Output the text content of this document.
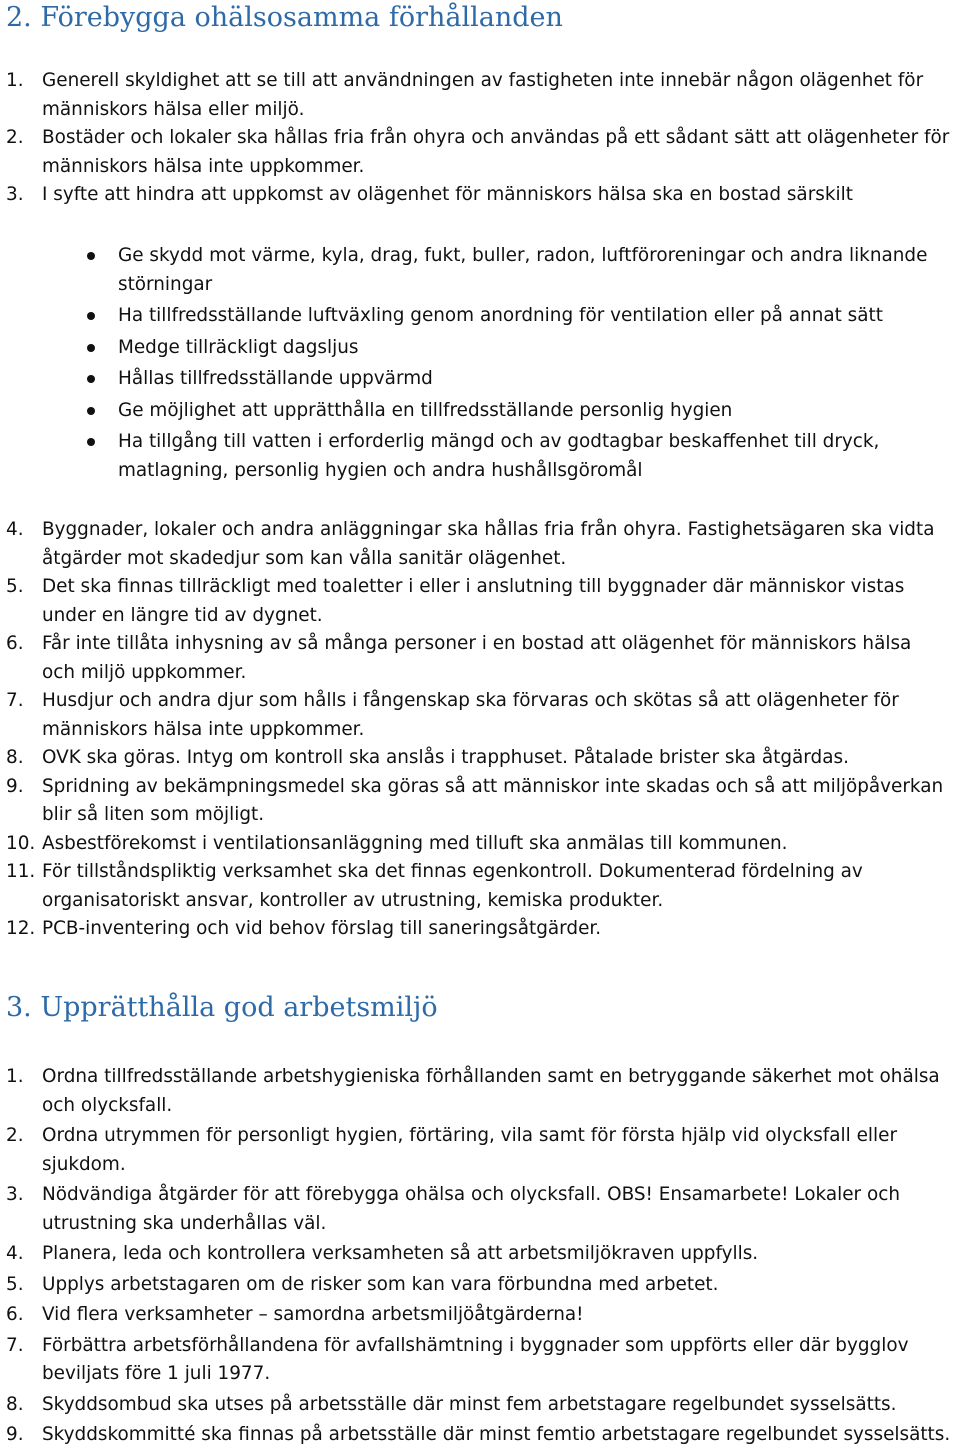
2. Förebygga ohälsosamma förhållanden
1.	Generell skyldighet att se till att användningen av fastigheten inte innebär någon olägenhet för
människors hälsa eller miljö.
2.	Bostäder och lokaler ska hållas fria från ohyra och användas på ett sådant sätt att olägenheter för
människors hälsa inte uppkommer.
3.	I syfte att hindra att uppkomst av olägenhet för människors hälsa ska en bostad särskilt
Ge skydd mot värme, kyla, drag, fukt, buller, radon, luftföroreningar och andra liknande
störningar
Ha tillfredsställande luftväxling genom anordning för ventilation eller på annat sätt
Medge tillräckligt dagsljus
Hållas tillfredsställande uppvärmd
Ge möjlighet att upprätthålla en tillfredsställande personlig hygien
Ha tillgång till vatten i erforderlig mängd och av godtagbar beskaffenhet till dryck,
matlagning, personlig hygien och andra hushållsgöromål
4.	Byggnader, lokaler och andra anläggningar ska hållas fria från ohyra. Fastighetsägaren ska vidta
åtgärder mot skadedjur som kan vålla sanitär olägenhet.
5.	Det ska finnas tillräckligt med toaletter i eller i anslutning till byggnader där människor vistas
under en längre tid av dygnet.
6.	Får inte tillåta inhysning av så många personer i en bostad att olägenhet för människors hälsa
och miljö uppkommer.
7.	Husdjur och andra djur som hålls i fångenskap ska förvaras och skötas så att olägenheter för
människors hälsa inte uppkommer.
8.	OVK ska göras. Intyg om kontroll ska anslås i trapphuset. Påtalade brister ska åtgärdas.
9.	Spridning av bekämpningsmedel ska göras så att människor inte skadas och så att miljöpåverkan
blir så liten som möjligt.
10. Asbestförekomst i ventilationsanläggning med tilluft ska anmälas till kommunen.
11. För tillståndspliktig verksamhet ska det finnas egenkontroll. Dokumenterad fördelning av
organisatoriskt ansvar, kontroller av utrustning, kemiska produkter.
12. PCB-inventering och vid behov förslag till saneringsåtgärder.
3. Upprätthålla god arbetsmiljö
1.	Ordna tillfredsställande arbetshygieniska förhållanden samt en betryggande säkerhet mot ohälsa
och olycksfall.
2.	Ordna utrymmen för personligt hygien, förtäring, vila samt för första hjälp vid olycksfall eller
sjukdom.
3.	Nödvändiga åtgärder för att förebygga ohälsa och olycksfall. OBS! Ensamarbete! Lokaler och
utrustning ska underhållas väl.
4.	Planera, leda och kontrollera verksamheten så att arbetsmiljökraven uppfylls.
5.	Upplys arbetstagaren om de risker som kan vara förbundna med arbetet.
6.	Vid flera verksamheter – samordna arbetsmiljöåtgärderna!
7.	Förbättra arbetsförhållandena för avfallshämtning i byggnader som uppförts eller där bygglov
beviljats före 1 juli 1977.
8.	Skyddsombud ska utses på arbetsställe där minst fem arbetstagare regelbundet sysselsätts.
9.	Skyddskommitté ska finnas på arbetsställe där minst femtio arbetstagare regelbundet sysselsätts.
